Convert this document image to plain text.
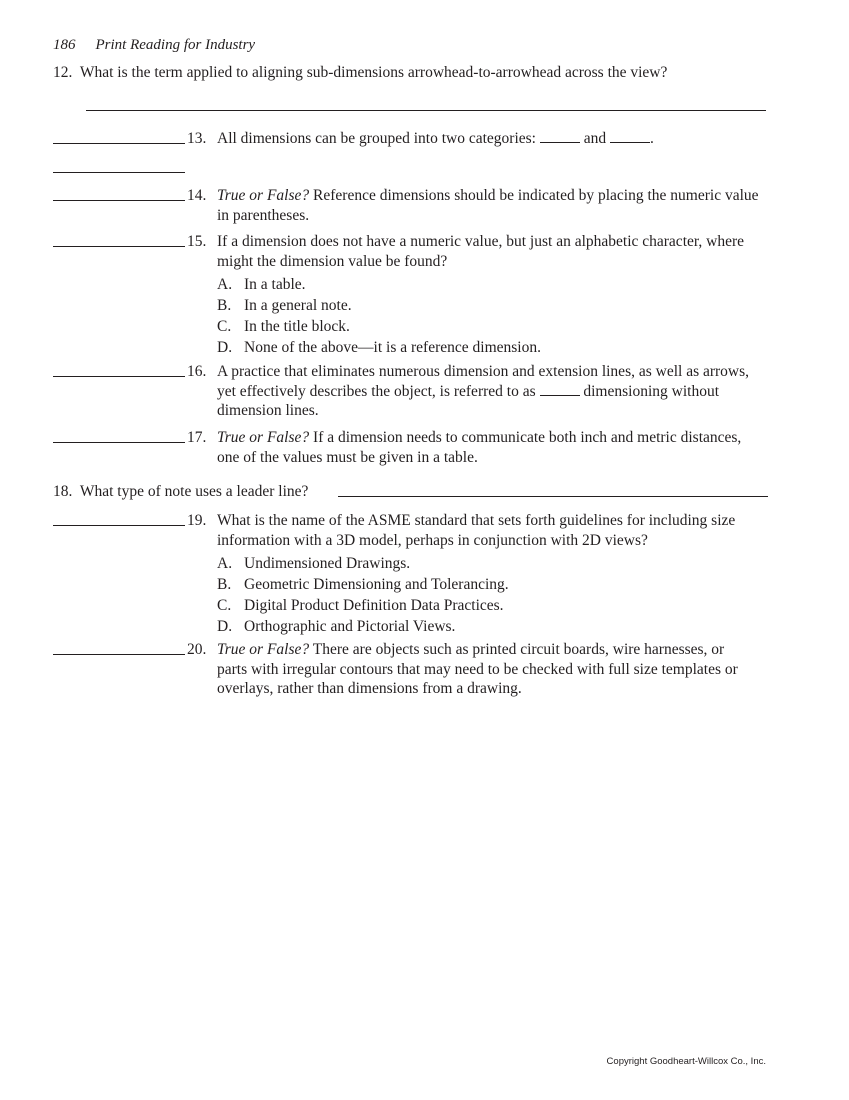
186 Print Reading for Industry
12. What is the term applied to aligning sub-dimensions arrowhead-to-arrowhead across the view?
13. All dimensions can be grouped into two categories:	and	.
14. True or False? Reference dimensions should be indicated by placing the numeric value in parentheses.
15. If a dimension does not have a numeric value, but just an alphabetic character, where might the dimension value be found?
A. In a table.
B. In a general note.
C. In the title block.
D. None of the above—it is a reference dimension.
16. A practice that eliminates numerous dimension and extension lines, as well as arrows, yet effectively describes the object, is referred to as	dimensioning without dimension lines.
17. True or False? If a dimension needs to communicate both inch and metric distances, one of the values must be given in a table.
18. What type of note uses a leader line?
19. What is the name of the ASME standard that sets forth guidelines for including size information with a 3D model, perhaps in conjunction with 2D views?
A. Undimensioned Drawings.
B. Geometric Dimensioning and Tolerancing.
C. Digital Product Definition Data Practices.
D. Orthographic and Pictorial Views.
20. True or False? There are objects such as printed circuit boards, wire harnesses, or parts with irregular contours that may need to be checked with full size templates or overlays, rather than dimensions from a drawing.
Copyright Goodheart-Willcox Co., Inc.
